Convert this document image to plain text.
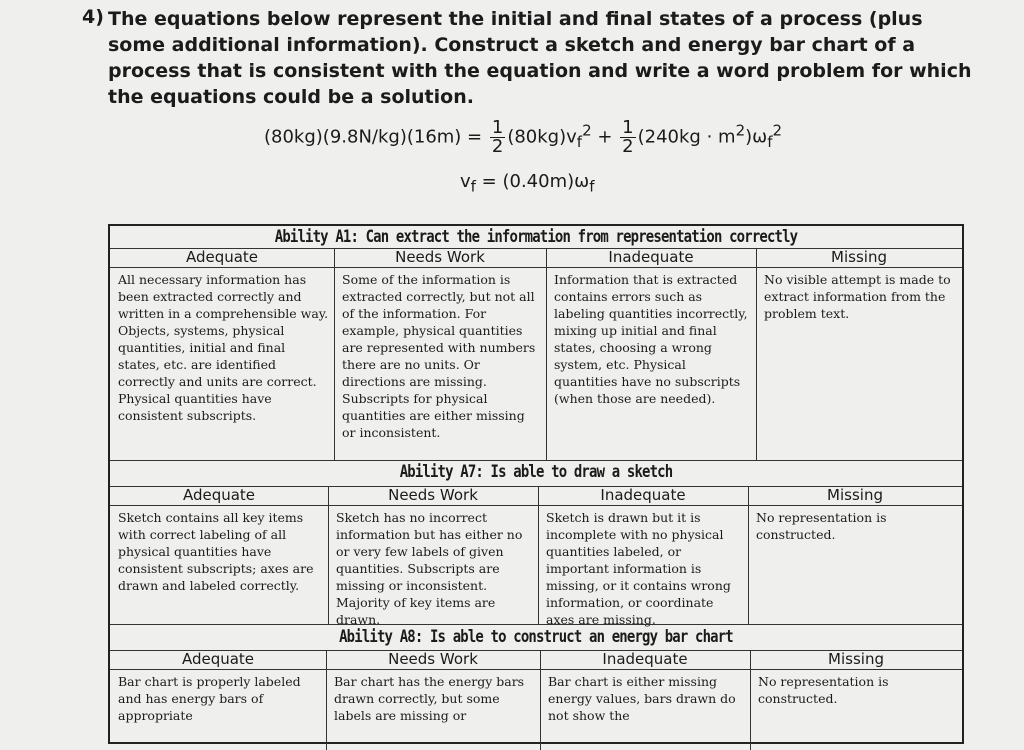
4) The equations below represent the initial and final states of a process (plus some additional information). Construct a sketch and energy bar chart of a process that is consistent with the equation and write a word problem for which the equations could be a solution.
$(80kg)(9.8N/kg)(16m) = \frac{1}{2} (80kg)v_f^2 + \frac{1}{2} (240kg \cdot m^2)\omega_f^2$
$v_f = (0.40m)\omega_f$
Ability A1: Can extract the information from representation correctly
Adequate
All necessary information has been extracted correctly and written in a comprehensible way. Objects, systems, physical quantities, initial and final states, etc. are identified correctly and units are correct. Physical quantities have consistent subscripts.
Needs Work
Some of the information is extracted correctly, but not all of the information. For example, physical quantities are represented with numbers there are no units. Or directions are missing. Subscripts for physical quantities are either missing or inconsistent.
Inadequate
Information that is extracted contains errors such as labeling quantities incorrectly, mixing up initial and final states, choosing a wrong system, etc. Physical quantities have no subscripts (when those are needed).
Missing
No visible attempt is made to extract information from the problem text.
Ability A7: Is able to draw a sketch
Adequate
Sketch contains all key items with correct labeling of all physical quantities have consistent subscripts; axes are drawn and labeled correctly.
Needs Work
Sketch has no incorrect information but has either no or very few labels of given quantities. Subscripts are missing or inconsistent. Majority of key items are drawn.
Inadequate
Sketch is drawn but it is incomplete with no physical quantities labeled, or important information is missing, or it contains wrong information, or coordinate axes are missing.
Missing
No representation is constructed.
Ability A8: Is able to construct an energy bar chart
Adequate
Bar chart is properly labeled and has energy bars of appropriate
Needs Work
Bar chart has the energy bars drawn correctly, but some labels are missing or
Inadequate
Bar chart is either missing energy values, bars drawn do not show the
Missing
No representation is constructed.
